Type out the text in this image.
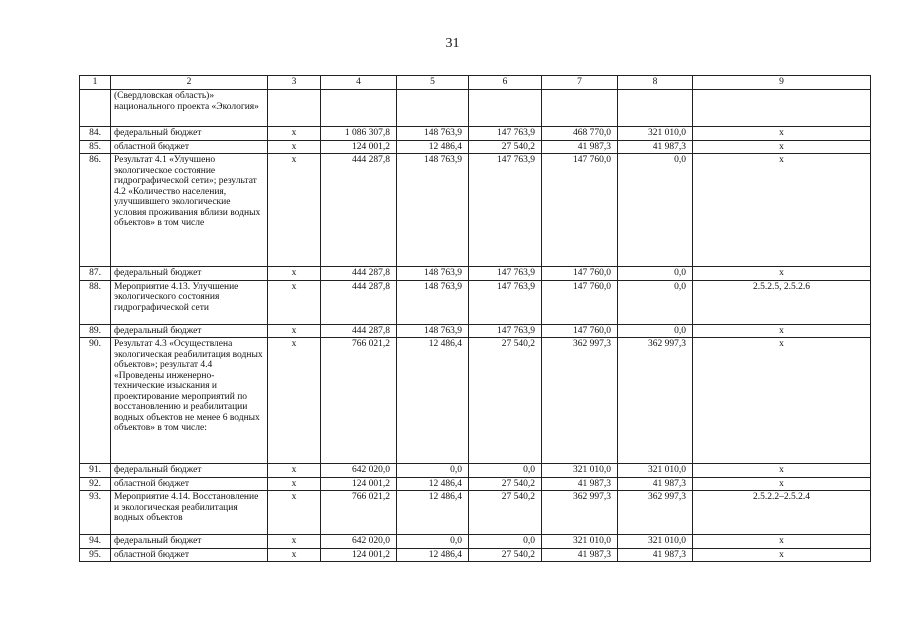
31
1	2	3	4	5	6	7	8	9
	(Свердловская область)» национального проекта «Экология»							
84.	федеральный бюджет	х	1 086 307,8	148 763,9	147 763,9	468 770,0	321 010,0	х
85.	областной бюджет	х	124 001,2	12 486,4	27 540,2	41 987,3	41 987,3	х
86.	Результат 4.1 «Улучшено экологическое состояние гидрографической сети»; результат 4.2 «Количество населения, улучшившего экологические условия проживания вблизи водных объектов» в том числе	х	444 287,8	148 763,9	147 763,9	147 760,0	0,0	х
87.	федеральный бюджет	х	444 287,8	148 763,9	147 763,9	147 760,0	0,0	х
88.	Мероприятие 4.13. Улучшение экологического состояния гидрографической сети	х	444 287,8	148 763,9	147 763,9	147 760,0	0,0	2.5.2.5, 2.5.2.6
89.	федеральный бюджет	х	444 287,8	148 763,9	147 763,9	147 760,0	0,0	х
90.	Результат 4.3 «Осуществлена экологическая реабилитация водных объектов»; результат 4.4 «Проведены инженерно-технические изыскания и проектирование мероприятий по восстановлению и реабилитации водных объектов не менее 6 водных объектов» в том числе:	х	766 021,2	12 486,4	27 540,2	362 997,3	362 997,3	х
91.	федеральный бюджет	х	642 020,0	0,0	0,0	321 010,0	321 010,0	х
92.	областной бюджет	х	124 001,2	12 486,4	27 540,2	41 987,3	41 987,3	х
93.	Мероприятие 4.14. Восстановление и экологическая реабилитация водных объектов	х	766 021,2	12 486,4	27 540,2	362 997,3	362 997,3	2.5.2.2–2.5.2.4
94.	федеральный бюджет	х	642 020,0	0,0	0,0	321 010,0	321 010,0	х
95.	областной бюджет	х	124 001,2	12 486,4	27 540,2	41 987,3	41 987,3	х
